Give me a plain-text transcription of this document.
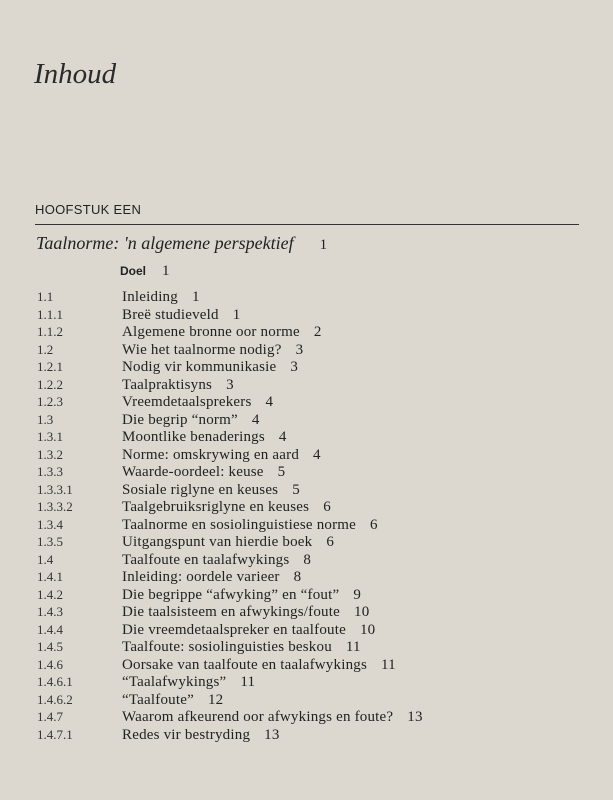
Inhoud
HOOFSTUK EEN
Taalnorme: 'n algemene perspektief 1
Doel 1
1.1	Inleiding 1
1.1.1	Breë studieveld 1
1.1.2	Algemene bronne oor norme 2
1.2	Wie het taalnorme nodig? 3
1.2.1	Nodig vir kommunikasie 3
1.2.2	Taalpraktisyns 3
1.2.3	Vreemdetaalsprekers 4
1.3	Die begrip “norm” 4
1.3.1	Moontlike benaderings 4
1.3.2	Norme: omskrywing en aard 4
1.3.3	Waarde-oordeel: keuse 5
1.3.3.1	Sosiale riglyne en keuses 5
1.3.3.2	Taalgebruiksriglyne en keuses 6
1.3.4	Taalnorme en sosiolinguistiese norme 6
1.3.5	Uitgangspunt van hierdie boek 6
1.4	Taalfoute en taalafwykings 8
1.4.1	Inleiding: oordele varieer 8
1.4.2	Die begrippe “afwyking” en “fout” 9
1.4.3	Die taalsisteem en afwykings/foute 10
1.4.4	Die vreemdetaalspreker en taalfoute 10
1.4.5	Taalfoute: sosiolinguisties beskou 11
1.4.6	Oorsake van taalfoute en taalafwykings 11
1.4.6.1	“Taalafwykings” 11
1.4.6.2	“Taalfoute” 12
1.4.7	Waarom afkeurend oor afwykings en foute? 13
1.4.7.1	Redes vir bestryding 13
